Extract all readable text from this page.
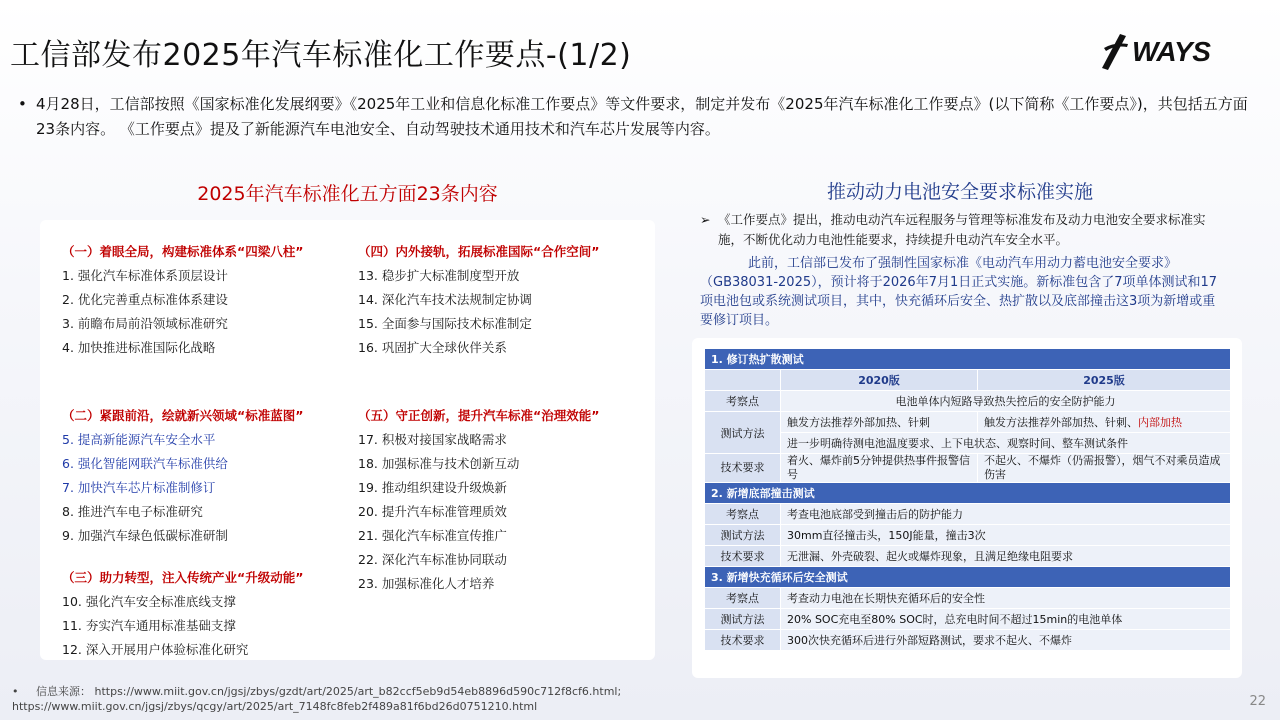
工信部发布2025年汽车标准化工作要点-(1/2)	WAYS
• 4月28日，工信部按照《国家标准化发展纲要》《2025年工业和信息化标准工作要点》等文件要求，制定并发布《2025年汽车标准化工作要点》(以下简称《工作要点》)，共包括五方面23条内容。 《工作要点》提及了新能源汽车电池安全、自动驾驶技术通用技术和汽车芯片发展等内容。
2025年汽车标准化五方面23条内容
（一）着眼全局，构建标准体系“四梁八柱”
1. 强化汽车标准体系顶层设计
2. 优化完善重点标准体系建设
3. 前瞻布局前沿领域标准研究
4. 加快推进标准国际化战略
（二）紧跟前沿，绘就新兴领域“标准蓝图”
5. 提高新能源汽车安全水平
6. 强化智能网联汽车标准供给
7. 加快汽车芯片标准制修订
8. 推进汽车电子标准研究
9. 加强汽车绿色低碳标准研制
（三）助力转型，注入传统产业“升级动能”
10. 强化汽车安全标准底线支撑
11. 夯实汽车通用标准基础支撑
12. 深入开展用户体验标准化研究
（四）内外接轨，拓展标准国际“合作空间”
13. 稳步扩大标准制度型开放
14. 深化汽车技术法规制定协调
15. 全面参与国际技术标准制定
16. 巩固扩大全球伙伴关系
（五）守正创新，提升汽车标准“治理效能”
17. 积极对接国家战略需求
18. 加强标准与技术创新互动
19. 推动组织建设升级焕新
20. 提升汽车标准管理质效
21. 强化汽车标准宣传推广
22. 深化汽车标准协同联动
23. 加强标准化人才培养
推动动力电池安全要求标准实施
➢ 《工作要点》提出，推动电动汽车远程服务与管理等标准发布及动力电池安全要求标准实施，不断优化动力电池性能要求，持续提升电动汽车安全水平。
此前，工信部已发布了强制性国家标准《电动汽车用动力蓄电池安全要求》（GB38031-2025），预计将于2026年7月1日正式实施。新标准包含了7项单体测试和17项电池包或系统测试项目，其中，快充循环后安全、热扩散以及底部撞击这3项为新增或重要修订项目。
1. 修订热扩散测试		
	2020版	2025版
考察点	电池单体内短路导致热失控后的安全防护能力	
测试方法	触发方法推荐外部加热、针刺	触发方法推荐外部加热、针刺、内部加热
	进一步明确待测电池温度要求、上下电状态、观察时间、整车测试条件	
技术要求	着火、爆炸前5分钟提供热事件报警信号	不起火、不爆炸（仍需报警），烟气不对乘员造成伤害
2. 新增底部撞击测试		
考察点	考查电池底部受到撞击后的防护能力	
测试方法	30mm直径撞击头，150J能量，撞击3次	
技术要求	无泄漏、外壳破裂、起火或爆炸现象，且满足绝缘电阻要求	
3. 新增快充循环后安全测试		
考察点	考查动力电池在长期快充循环后的安全性	
测试方法	20% SOC充电至80% SOC时，总充电时间不超过15min的电池单体	
技术要求	300次快充循环后进行外部短路测试，要求不起火、不爆炸	
• 信息来源： https://www.miit.gov.cn/jgsj/zbys/gzdt/art/2025/art_b82ccf5eb9d54eb8896d590c712f8cf6.html;
https://www.miit.gov.cn/jgsj/zbys/qcgy/art/2025/art_7148fc8feb2f489a81f6bd26d0751210.html	22
